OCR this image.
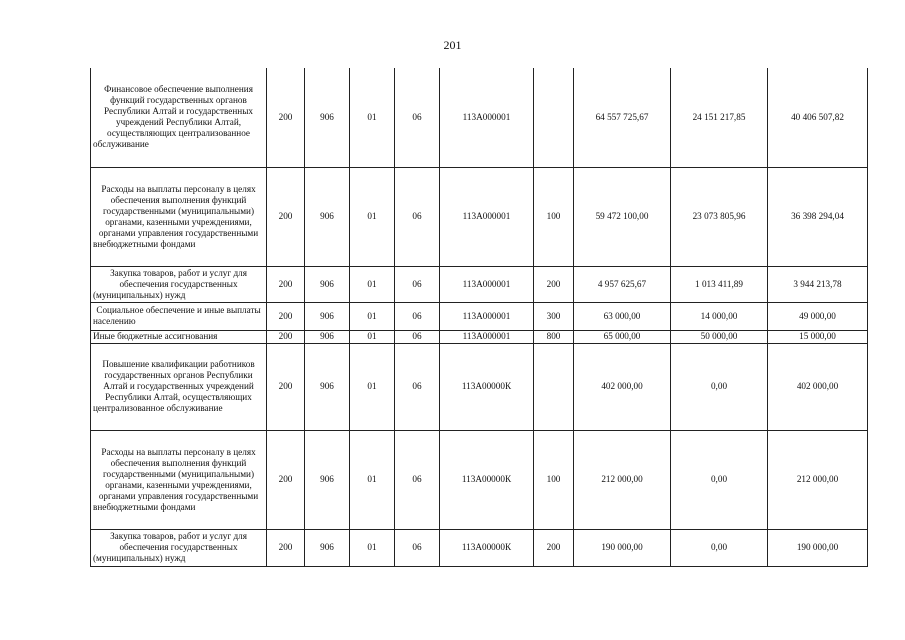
201
Финансовое обеспечение выполнения функций государственных органов Республики Алтай и государственных учреждений Республики Алтай, осуществляющих централизованное обслуживание	200	906	01	06	113А000001		64 557 725,67	24 151 217,85	40 406 507,82
Расходы на выплаты персоналу в целях обеспечения выполнения функций государственными (муниципальными) органами, казенными учреждениями, органами управления государственными внебюджетными фондами	200	906	01	06	113А000001	100	59 472 100,00	23 073 805,96	36 398 294,04
Закупка товаров, работ и услуг для обеспечения государственных (муниципальных) нужд	200	906	01	06	113А000001	200	4 957 625,67	1 013 411,89	3 944 213,78
Социальное обеспечение и иные выплаты населению	200	906	01	06	113А000001	300	63 000,00	14 000,00	49 000,00
Иные бюджетные ассигнования	200	906	01	06	113А000001	800	65 000,00	50 000,00	15 000,00
Повышение квалификации работников государственных органов Республики Алтай и государственных учреждений Республики Алтай, осуществляющих централизованное обслуживание	200	906	01	06	113А00000К		402 000,00	0,00	402 000,00
Расходы на выплаты персоналу в целях обеспечения выполнения функций государственными (муниципальными) органами, казенными учреждениями, органами управления государственными внебюджетными фондами	200	906	01	06	113А00000К	100	212 000,00	0,00	212 000,00
Закупка товаров, работ и услуг для обеспечения государственных (муниципальных) нужд	200	906	01	06	113А00000К	200	190 000,00	0,00	190 000,00
